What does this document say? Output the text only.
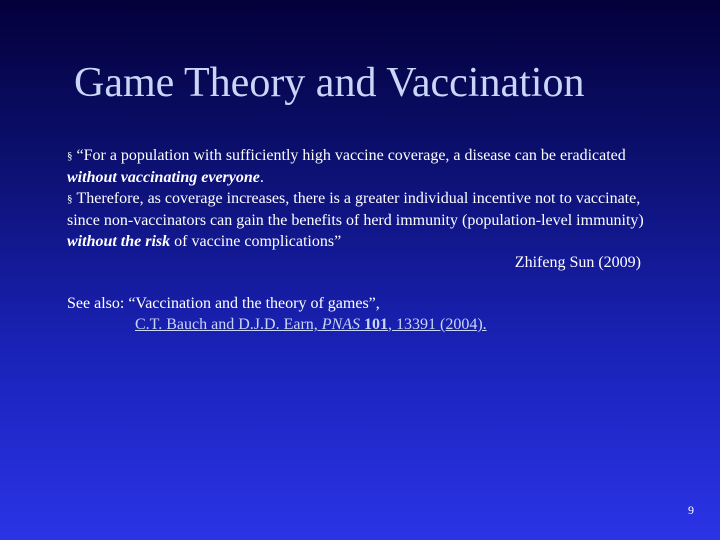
Game Theory and Vaccination

§ “For a population with sufficiently high vaccine coverage, a disease can be eradicated without vaccinating everyone.

§ Therefore, as coverage increases, there is a greater individual incentive not to vaccinate, since non-vaccinators can gain the benefits of herd immunity (population-level immunity) without the risk of vaccine complications”

Zhifeng Sun (2009)

See also: “Vaccination and the theory of games”,

C.T. Bauch and D.J.D. Earn, PNAS 101, 13391 (2004).
9
